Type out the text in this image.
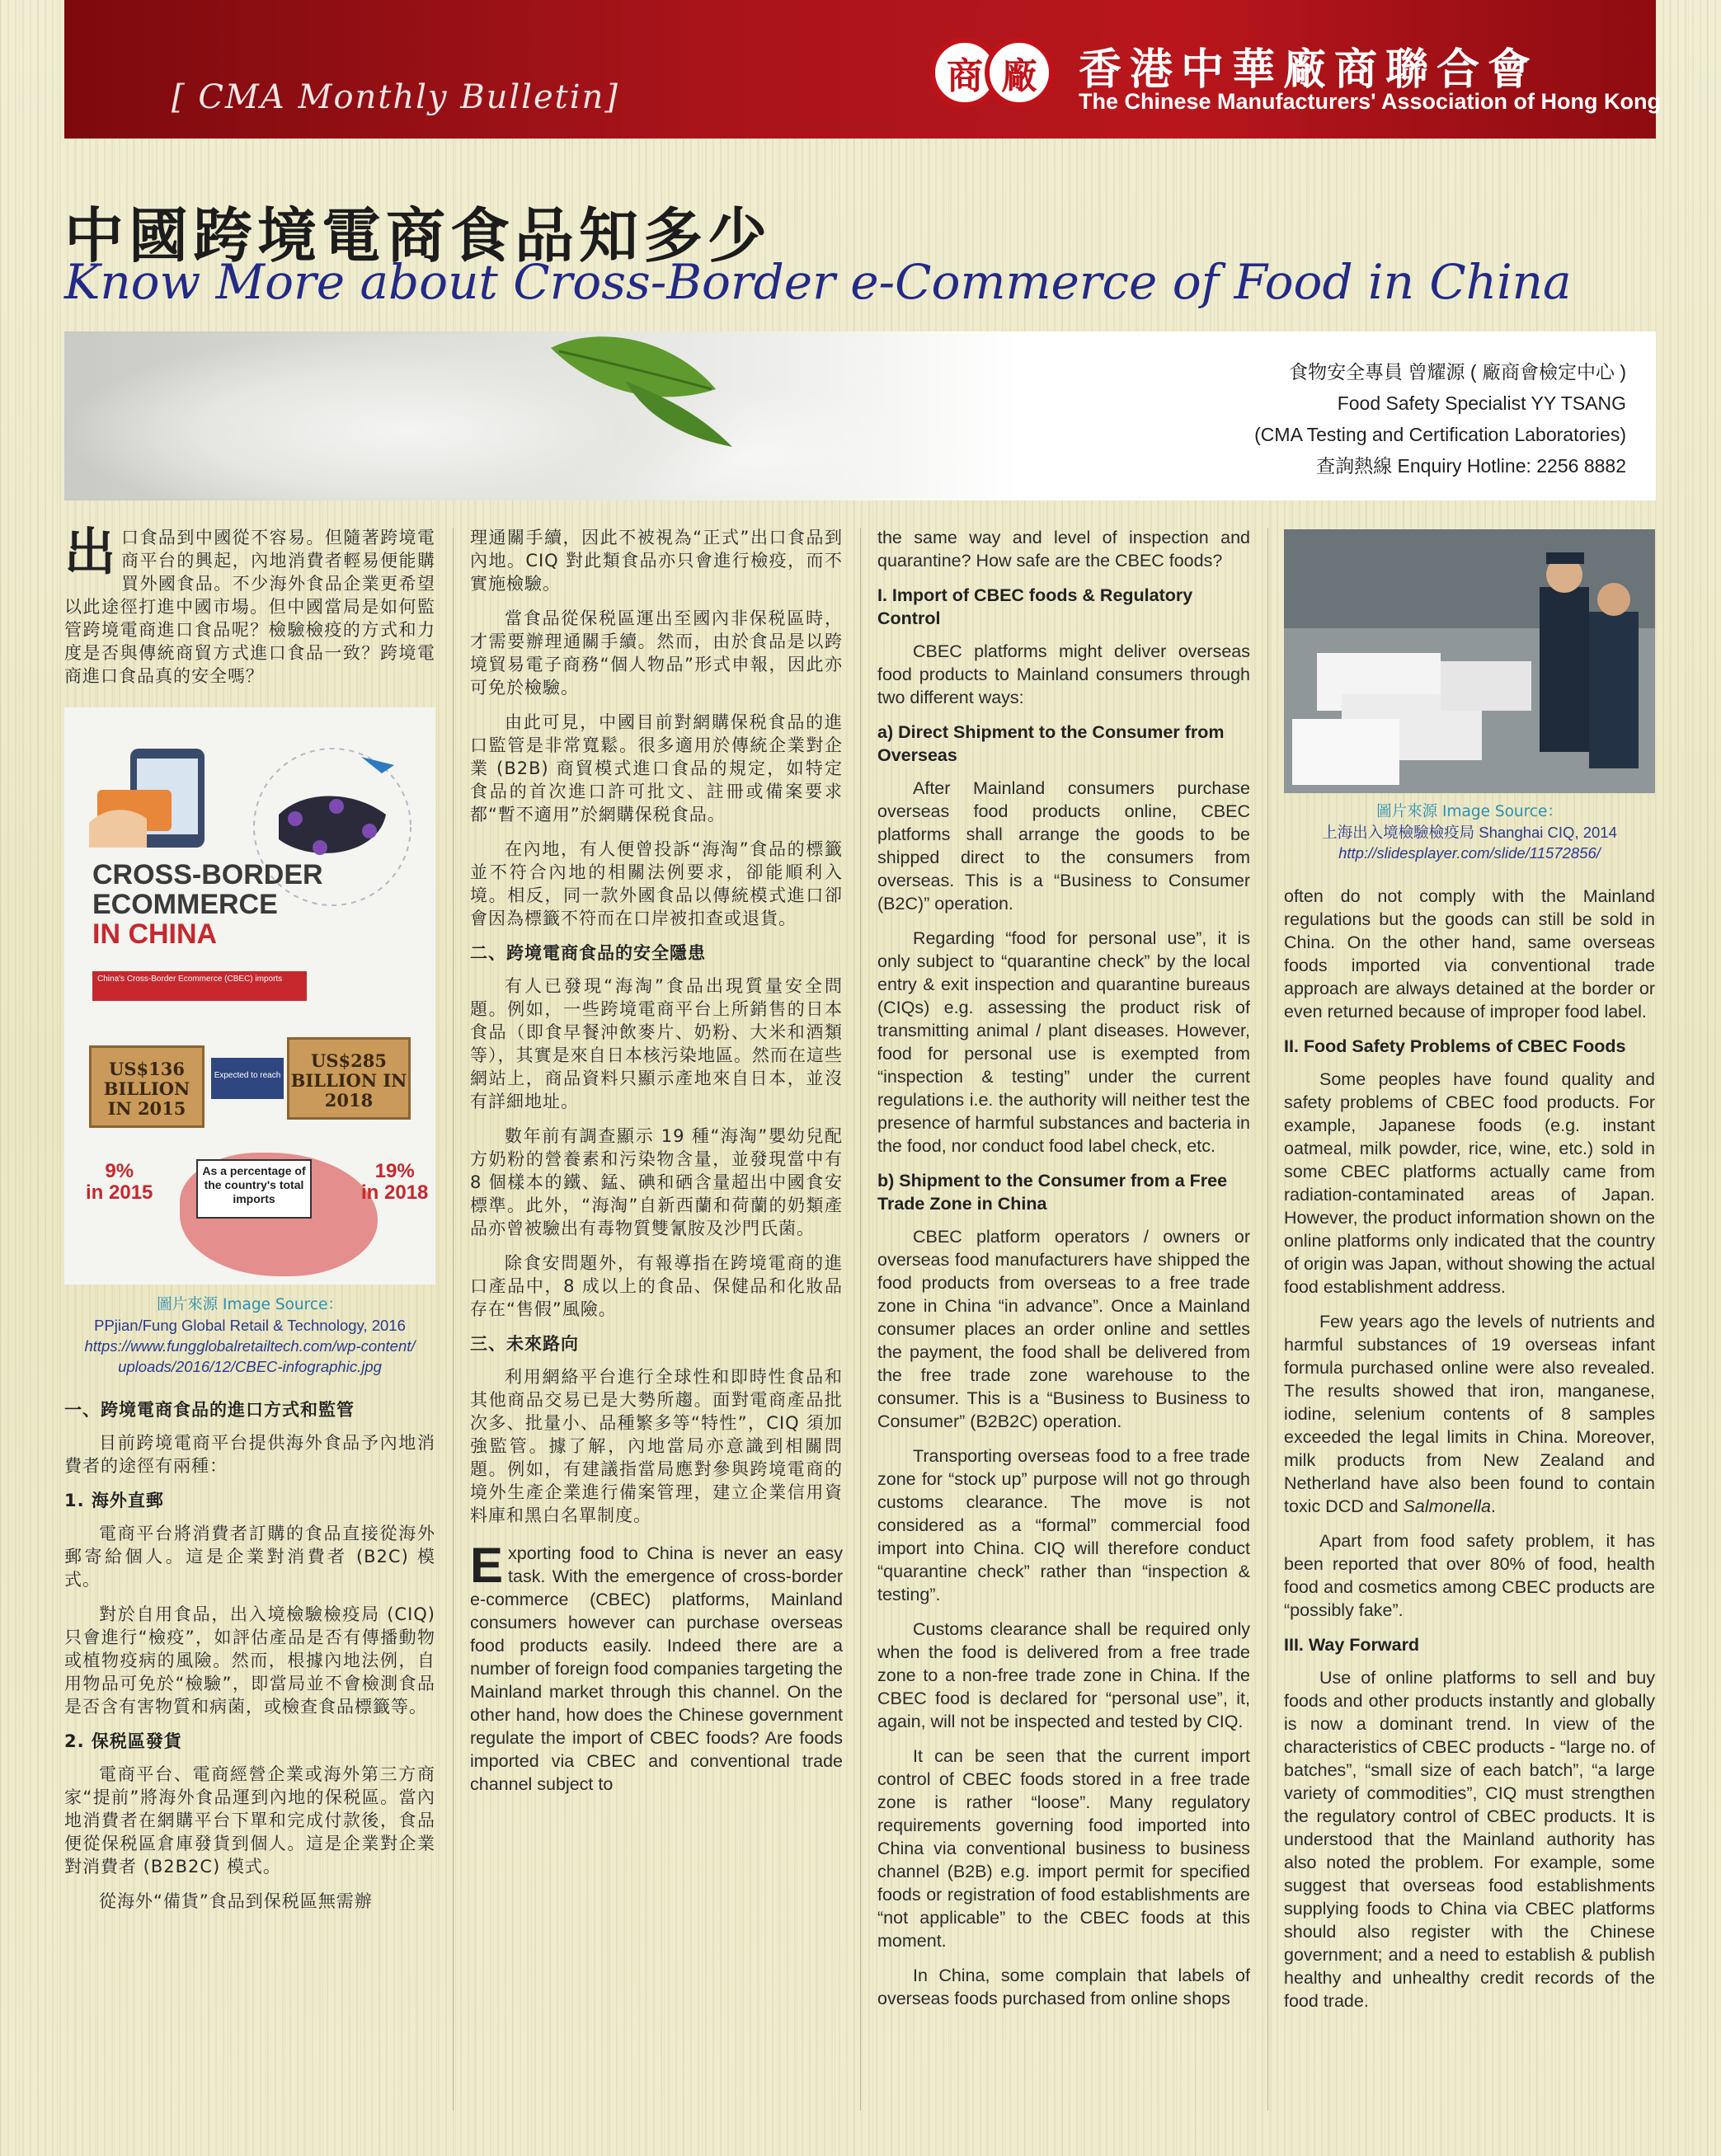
[ CMA Monthly Bulletin]	商 廠 香港中華廠商聯合會
The Chinese Manufacturers' Association of Hong Kong
中國跨境電商食品知多少
Know More about Cross-Border e-Commerce of Food in China
食物安全專員 曾耀源 ( 廠商會檢定中心 )
Food Safety Specialist YY TSANG
(CMA Testing and Certification Laboratories)
查詢熱線 Enquiry Hotline: 2256 8882
出口食品到中國從不容易。但隨著跨境電商平台的興起，內地消費者輕易便能購買外國食品。不少海外食品企業更希望以此途徑打進中國市場。但中國當局是如何監管跨境電商進口食品呢？檢驗檢疫的方式和力度是否與傳統商貿方式進口食品一致？跨境電商進口食品真的安全嗎？
CROSS-BORDER
ECOMMERCE
IN CHINA
China's Cross-Border Ecommerce (CBEC) imports
US$136 BILLION IN 2015
Expected to reach
US$285 BILLION IN 2018
9%
in 2015
As a percentage of the country's total imports
19%
in 2018
圖片來源 Image Source：
PPjian/Fung Global Retail & Technology, 2016
https://www.fungglobalretailtech.com/wp-content/
uploads/2016/12/CBEC-infographic.jpg
一、跨境電商食品的進口方式和監管
目前跨境電商平台提供海外食品予內地消費者的途徑有兩種：
1. 海外直郵
電商平台將消費者訂購的食品直接從海外郵寄給個人。這是企業對消費者 (B2C) 模式。
對於自用食品，出入境檢驗檢疫局 (CIQ) 只會進行“檢疫”，如評估產品是否有傳播動物或植物疫病的風險。然而，根據內地法例，自用物品可免於“檢驗”，即當局並不會檢測食品是否含有害物質和病菌，或檢查食品標籤等。
2. 保税區發貨
電商平台、電商經營企業或海外第三方商家“提前”將海外食品運到內地的保税區。當內地消費者在網購平台下單和完成付款後，食品便從保税區倉庫發貨到個人。這是企業對企業對消費者 (B2B2C) 模式。
從海外“備貨”食品到保税區無需辦
理通關手續，因此不被視為“正式”出口食品到內地。CIQ 對此類食品亦只會進行檢疫，而不實施檢驗。
當食品從保税區運出至國內非保税區時，才需要辦理通關手續。然而，由於食品是以跨境貿易電子商務“個人物品”形式申報，因此亦可免於檢驗。
由此可見，中國目前對網購保税食品的進口監管是非常寬鬆。很多適用於傳統企業對企業 (B2B) 商貿模式進口食品的規定，如特定食品的首次進口許可批文、註冊或備案要求都“暫不適用”於網購保税食品。
在內地，有人便曾投訴“海淘”食品的標籤並不符合內地的相關法例要求，卻能順利入境。相反，同一款外國食品以傳統模式進口卻會因為標籤不符而在口岸被扣查或退貨。
二、跨境電商食品的安全隱患
有人已發現“海淘”食品出現質量安全問題。例如，一些跨境電商平台上所銷售的日本食品（即食早餐沖飲麥片、奶粉、大米和酒類等），其實是來自日本核污染地區。然而在這些網站上，商品資料只顯示產地來自日本，並沒有詳細地址。
數年前有調查顯示 19 種“海淘”嬰幼兒配方奶粉的營養素和污染物含量，並發現當中有 8 個樣本的鐵、錳、碘和硒含量超出中國食安標準。此外，“海淘”自新西蘭和荷蘭的奶類產品亦曾被驗出有毒物質雙氰胺及沙門氏菌。
除食安問題外，有報導指在跨境電商的進口產品中，8 成以上的食品、保健品和化妝品存在“售假”風險。
三、未來路向
利用網絡平台進行全球性和即時性食品和其他商品交易已是大勢所趨。面對電商產品批次多、批量小、品種繁多等“特性”，CIQ 須加強監管。據了解，內地當局亦意識到相關問題。例如，有建議指當局應對參與跨境電商的境外生產企業進行備案管理，建立企業信用資料庫和黑白名單制度。
Exporting food to China is never an easy task. With the emergence of cross-border e-commerce (CBEC) platforms, Mainland consumers however can purchase overseas food products easily. Indeed there are a number of foreign food companies targeting the Mainland market through this channel. On the other hand, how does the Chinese government regulate the import of CBEC foods? Are foods imported via CBEC and conventional trade channel subject to
the same way and level of inspection and quarantine? How safe are the CBEC foods?
I. Import of CBEC foods & Regulatory Control
CBEC platforms might deliver overseas food products to Mainland consumers through two different ways:
a) Direct Shipment to the Consumer from Overseas
After Mainland consumers purchase overseas food products online, CBEC platforms shall arrange the goods to be shipped direct to the consumers from overseas. This is a “Business to Consumer (B2C)” operation.
Regarding “food for personal use”, it is only subject to “quarantine check” by the local entry & exit inspection and quarantine bureaus (CIQs) e.g. assessing the product risk of transmitting animal / plant diseases. However, food for personal use is exempted from “inspection & testing” under the current regulations i.e. the authority will neither test the presence of harmful substances and bacteria in the food, nor conduct food label check, etc.
b) Shipment to the Consumer from a Free Trade Zone in China
CBEC platform operators / owners or overseas food manufacturers have shipped the food products from overseas to a free trade zone in China “in advance”. Once a Mainland consumer places an order online and settles the payment, the food shall be delivered from the free trade zone warehouse to the consumer. This is a “Business to Business to Consumer” (B2B2C) operation.
Transporting overseas food to a free trade zone for “stock up” purpose will not go through customs clearance. The move is not considered as a “formal” commercial food import into China. CIQ will therefore conduct “quarantine check” rather than “inspection & testing”.
Customs clearance shall be required only when the food is delivered from a free trade zone to a non-free trade zone in China. If the CBEC food is declared for “personal use”, it, again, will not be inspected and tested by CIQ.
It can be seen that the current import control of CBEC foods stored in a free trade zone is rather “loose”. Many regulatory requirements governing food imported into China via conventional business to business channel (B2B) e.g. import permit for specified foods or registration of food establishments are “not applicable” to the CBEC foods at this moment.
In China, some complain that labels of overseas foods purchased from online shops
圖片來源 Image Source：
上海出入境檢驗檢疫局 Shanghai CIQ, 2014
http://slidesplayer.com/slide/11572856/
often do not comply with the Mainland regulations but the goods can still be sold in China. On the other hand, same overseas foods imported via conventional trade approach are always detained at the border or even returned because of improper food label.
II. Food Safety Problems of CBEC Foods
Some peoples have found quality and safety problems of CBEC food products. For example, Japanese foods (e.g. instant oatmeal, milk powder, rice, wine, etc.) sold in some CBEC platforms actually came from radiation-contaminated areas of Japan. However, the product information shown on the online platforms only indicated that the country of origin was Japan, without showing the actual food establishment address.
Few years ago the levels of nutrients and harmful substances of 19 overseas infant formula purchased online were also revealed. The results showed that iron, manganese, iodine, selenium contents of 8 samples exceeded the legal limits in China. Moreover, milk products from New Zealand and Netherland have also been found to contain toxic DCD and Salmonella.
Apart from food safety problem, it has been reported that over 80% of food, health food and cosmetics among CBEC products are “possibly fake”.
III. Way Forward
Use of online platforms to sell and buy foods and other products instantly and globally is now a dominant trend. In view of the characteristics of CBEC products - “large no. of batches”, “small size of each batch”, “a large variety of commodities”, CIQ must strengthen the regulatory control of CBEC products. It is understood that the Mainland authority has also noted the problem. For example, some suggest that overseas food establishments supplying foods to China via CBEC platforms should also register with the Chinese government; and a need to establish & publish healthy and unhealthy credit records of the food trade.
